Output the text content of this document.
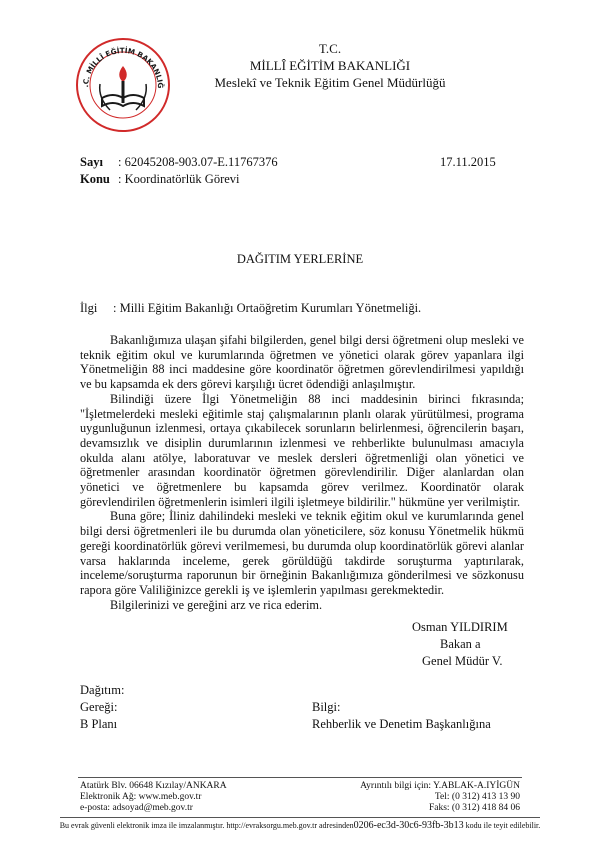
.C. MİLLÎ EĞİTİM BAKANLIĞ
T.C.
MİLLÎ EĞİTİM BAKANLIĞI
Meslekî ve Teknik Eğitim Genel Müdürlüğü
Sayı : 62045208-903.07-E.11767376	17.11.2015
Konu : Koordinatörlük Görevi
DAĞITIM YERLERİNE
İlgi : Milli Eğitim Bakanlığı Ortaöğretim Kurumları Yönetmeliği.

Bakanlığımıza ulaşan şifahi bilgilerden, genel bilgi dersi öğretmeni olup mesleki ve teknik eğitim okul ve kurumlarında öğretmen ve yönetici olarak görev yapanlara ilgi Yönetmeliğin 88 inci maddesine göre koordinatör öğretmen görevlendirilmesi yapıldığı ve bu kapsamda ek ders görevi karşılığı ücret ödendiği anlaşılmıştır.

Bilindiği üzere İlgi Yönetmeliğin 88 inci maddesinin birinci fıkrasında; "İşletmelerdeki mesleki eğitimle staj çalışmalarının planlı olarak yürütülmesi, programa uygunluğunun izlenmesi, ortaya çıkabilecek sorunların belirlenmesi, öğrencilerin başarı, devamsızlık ve disiplin durumlarının izlenmesi ve rehberlikte bulunulması amacıyla okulda alanı atölye, laboratuvar ve meslek dersleri öğretmenliği olan yönetici ve öğretmenler arasından koordinatör öğretmen görevlendirilir. Diğer alanlardan olan yönetici ve öğretmenlere bu kapsamda görev verilmez. Koordinatör olarak görevlendirilen öğretmenlerin isimleri ilgili işletmeye bildirilir." hükmüne yer verilmiştir.

Buna göre; İliniz dahilindeki mesleki ve teknik eğitim okul ve kurumlarında genel bilgi dersi öğretmenleri ile bu durumda olan yöneticilere, söz konusu Yönetmelik hükmü gereği koordinatörlük görevi verilmemesi, bu durumda olup koordinatörlük görevi alanlar varsa haklarında inceleme, gerek görüldüğü takdirde soruşturma yaptırılarak, inceleme/soruşturma raporunun bir örneğinin Bakanlığımıza gönderilmesi ve sözkonusu rapora göre Valiliğinizce gerekli iş ve işlemlerin yapılması gerekmektedir.

Bilgilerinizi ve gereğini arz ve rica ederim.

Osman YILDIRIM
Bakan a
Genel Müdür V.
Dağıtım:
Gereği:
B Planı
Bilgi:
Rehberlik ve Denetim Başkanlığına
Atatürk Blv. 06648 Kızılay/ANKARA
Elektronik Ağ: www.meb.gov.tr
e-posta: adsoyad@meb.gov.tr
Ayrıntılı bilgi için: Y.ABLAK-A.IYİGÜN
Tel: (0 312) 413 13 90
Faks: (0 312) 418 84 06
Bu evrak güvenli elektronik imza ile imzalanmıştır. http://evraksorgu.meb.gov.tr adresinden0206-ec3d-30c6-93fb-3b13 kodu ile teyit edilebilir.
